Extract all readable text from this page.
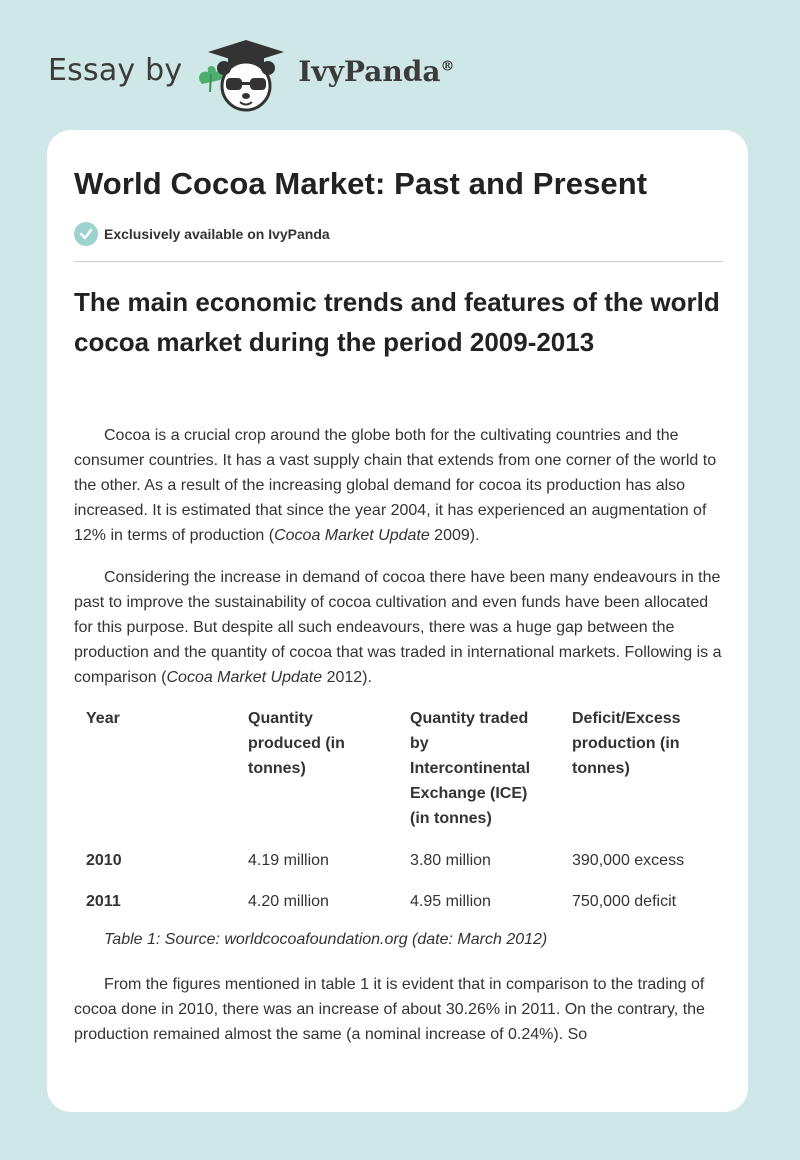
Essay by	IvyPanda®
World Cocoa Market: Past and Present
Exclusively available on IvyPanda
The main economic trends and features of the world cocoa market during the period 2009-2013

Cocoa is a crucial crop around the globe both for the cultivating countries and the consumer countries. It has a vast supply chain that extends from one corner of the world to the other. As a result of the increasing global demand for cocoa its production has also increased. It is estimated that since the year 2004, it has experienced an augmentation of 12% in terms of production (Cocoa Market Update 2009).

Considering the increase in demand of cocoa there have been many endeavours in the past to improve the sustainability of cocoa cultivation and even funds have been allocated for this purpose. But despite all such endeavours, there was a huge gap between the production and the quantity of cocoa that was traded in international markets. Following is a comparison (Cocoa Market Update 2012).

Year	Quantity produced (in tonnes)	Quantity traded by Intercontinental Exchange (ICE) (in tonnes)	Deficit/Excess production (in tonnes)
2010	4.19 million	3.80 million	390,000 excess
2011	4.20 million	4.95 million	750,000 deficit
Table 1: Source: worldcocoafoundation.org (date: March 2012)

From the figures mentioned in table 1 it is evident that in comparison to the trading of cocoa done in 2010, there was an increase of about 30.26% in 2011. On the contrary, the production remained almost the same (a nominal increase of 0.24%). So
